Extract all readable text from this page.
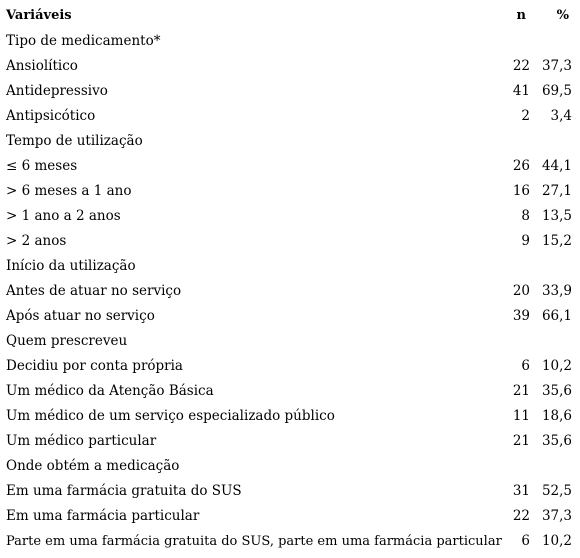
Variáveis	n	%
Tipo de medicamento*
Ansiolítico	22 37,3
Antidepressivo	41 69,5
Antipsicótico	2	3,4
Tempo de utilização
≤ 6 meses	26 44,1
> 6 meses a 1 ano	16 27,1
> 1 ano a 2 anos	8 13,5
> 2 anos	9 15,2
Início da utilização
Antes de atuar no serviço	20 33,9
Após atuar no serviço	39 66,1
Quem prescreveu
Decidiu por conta própria	6 10,2
Um médico da Atenção Básica	21 35,6
Um médico de um serviço especializado público	11 18,6
Um médico particular	21 35,6
Onde obtém a medicação
Em uma farmácia gratuita do SUS	31 52,5
Em uma farmácia particular	22 37,3
Parte em uma farmácia gratuita do SUS, parte em uma farmácia particular	6 10,2
